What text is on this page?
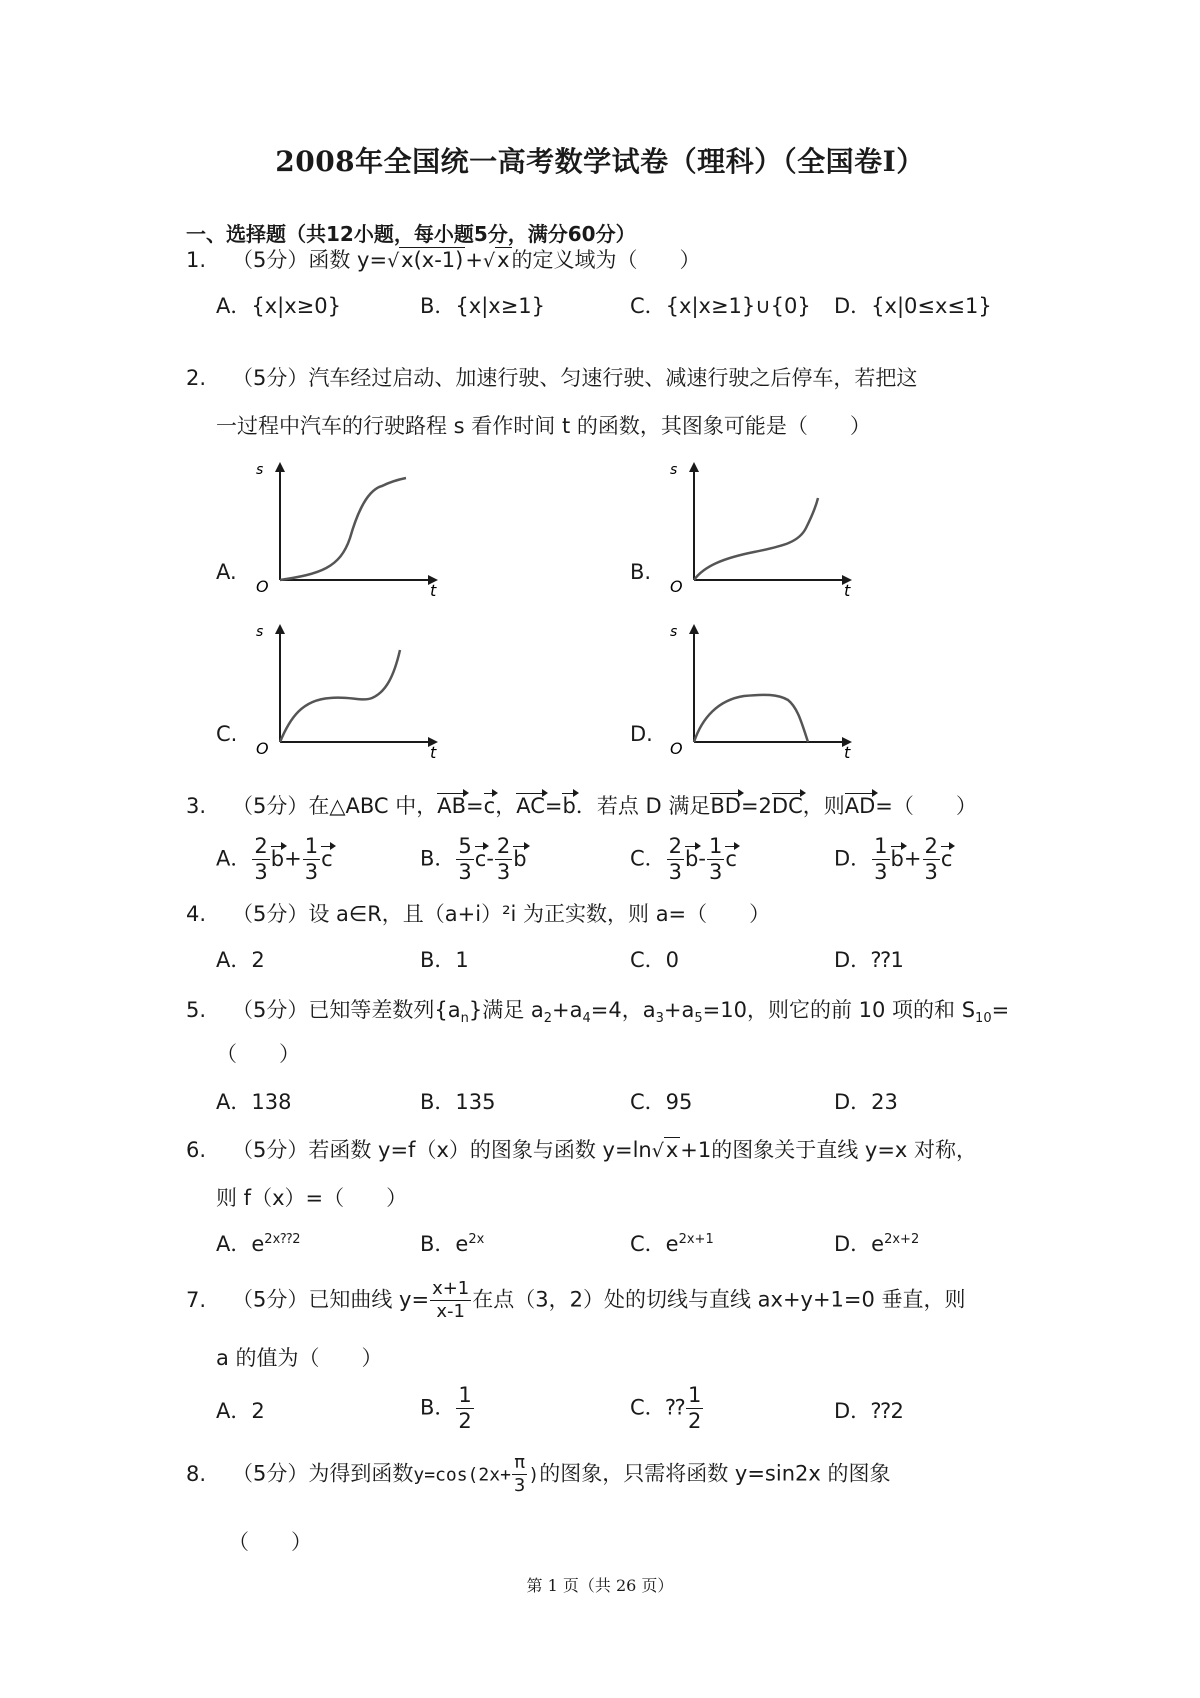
2008年全国统一高考数学试卷（理科）（全国卷Ⅰ）
一、选择题（共12小题，每小题5分，满分60分）
1. （5分）函数 y=√x(x-1)+√x的定义域为（　　）
A．{x|x≥0}	B．{x|x≥1}	C．{x|x≥1}∪{0} D．{x|0≤x≤1}
2. （5分）汽车经过启动、加速行驶、匀速行驶、减速行驶之后停车，若把这
一过程中汽车的行驶路程 s 看作时间 t 的函数，其图象可能是（　　）
A.	B.
C.	D.
s
t
O
s
t
O
s
t
O
s
t
O
3. （5分）在△ABC 中，AB=c，AC=b．若点 D 满足BD=2DC，则AD=（　　）
A． $\frac{2}{3} b+ \frac{1}{3}$ c	B． $\frac{5}{3} c- \frac{2}{3}$ b	C． $\frac{2}{3} b- \frac{1}{3}$ c	D． $\frac{1}{3} b+ \frac{2}{3}$ c
4. （5分）设 a∈R，且（a+i）²i 为正实数，则 a=（　　）
A．2	B．1	C．0	D．⁇1
5. （5分）已知等差数列$\{a_n\}$满足 $a_2+a_4=4$，$a_3+a_5=10$，则它的前 10 项的和 $S_{10}=$
（　　）
A．138	B．135	C．95	D．23
6. （5分）若函数 y=f（x）的图象与函数 y=ln√x+1的图象关于直线 y=x 对称，
则 f（x）=（　　）
A．$e^{2x⁇2}$	B．$e^{2x}$	C．$e^{2x+1}$	D．$e^{2x+2}$
7. （5分）已知曲线 $y= \frac{x+1}{x-1}$ 在点（3，2）处的切线与直线 ax+y+1=0 垂直，则
a 的值为（　　）
A．2	B． $\frac{1}{2}$	C．⁇ $\frac{1}{2}$	D．⁇2
8. （5分）为得到函数$y=\cos(2x+ \frac{\pi}{3}$ )的图象，只需将函数 y=sin2x 的图象
（　　）
第 1 页（共 26 页）
